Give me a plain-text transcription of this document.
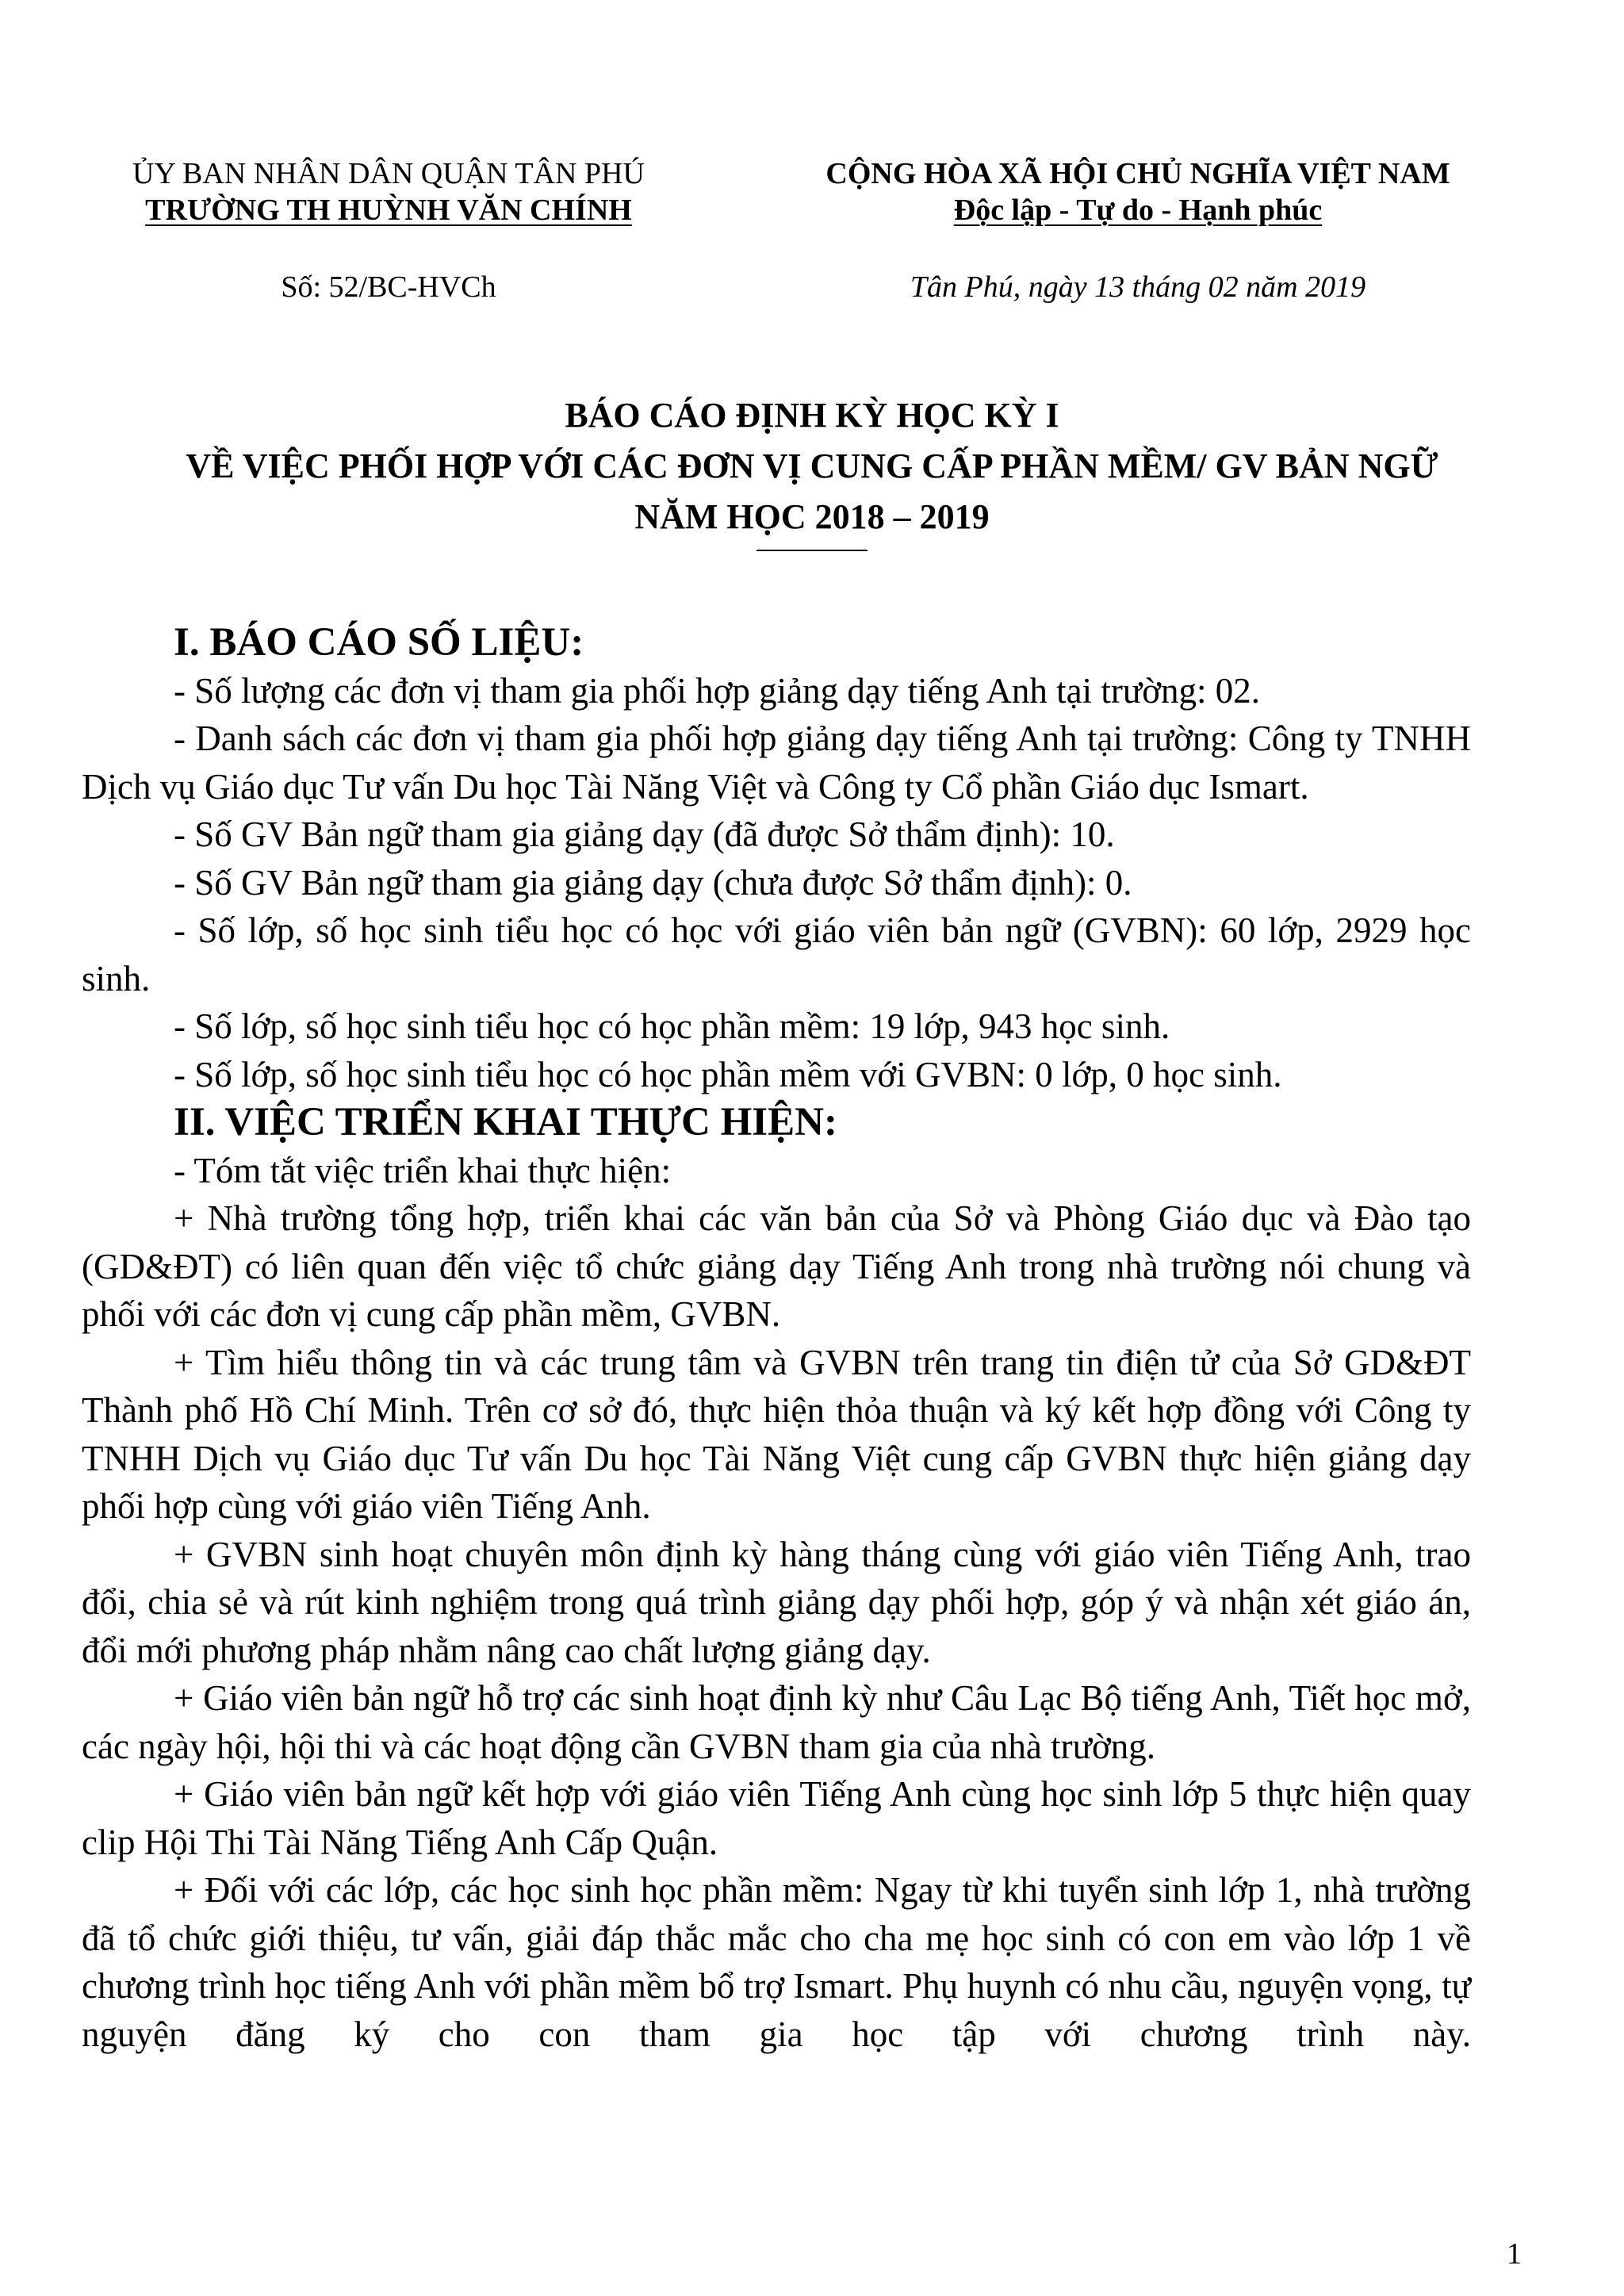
ỦY BAN NHÂN DÂN QUẬN TÂN PHÚ
TRƯỜNG TH HUỲNH VĂN CHÍNH
CỘNG HÒA XÃ HỘI CHỦ NGHĨA VIỆT NAM
Độc lập - Tự do - Hạnh phúc
Số: 52/BC-HVCh	Tân Phú, ngày 13 tháng 02 năm 2019
BÁO CÁO ĐỊNH KỲ HỌC KỲ I
VỀ VIỆC PHỐI HỢP VỚI CÁC ĐƠN VỊ CUNG CẤP PHẦN MỀM/ GV BẢN NGỮ
NĂM HỌC 2018 – 2019

I. BÁO CÁO SỐ LIỆU:

- Số lượng các đơn vị tham gia phối hợp giảng dạy tiếng Anh tại trường: 02.

- Danh sách các đơn vị tham gia phối hợp giảng dạy tiếng Anh tại trường: Công ty TNHH Dịch vụ Giáo dục Tư vấn Du học Tài Năng Việt và Công ty Cổ phần Giáo dục Ismart.

- Số GV Bản ngữ tham gia giảng dạy (đã được Sở thẩm định): 10.

- Số GV Bản ngữ tham gia giảng dạy (chưa được Sở thẩm định): 0.

- Số lớp, số học sinh tiểu học có học với giáo viên bản ngữ (GVBN): 60 lớp, 2929 học sinh.

- Số lớp, số học sinh tiểu học có học phần mềm: 19 lớp, 943 học sinh.

- Số lớp, số học sinh tiểu học có học phần mềm với GVBN: 0 lớp, 0 học sinh.

II. VIỆC TRIỂN KHAI THỰC HIỆN:

- Tóm tắt việc triển khai thực hiện:

+ Nhà trường tổng hợp, triển khai các văn bản của Sở và Phòng Giáo dục và Đào tạo (GD&ĐT) có liên quan đến việc tổ chức giảng dạy Tiếng Anh trong nhà trường nói chung và phối với các đơn vị cung cấp phần mềm, GVBN.

+ Tìm hiểu thông tin và các trung tâm và GVBN trên trang tin điện tử của Sở GD&ĐT Thành phố Hồ Chí Minh. Trên cơ sở đó, thực hiện thỏa thuận và ký kết hợp đồng với Công ty TNHH Dịch vụ Giáo dục Tư vấn Du học Tài Năng Việt cung cấp GVBN thực hiện giảng dạy phối hợp cùng với giáo viên Tiếng Anh.

+ GVBN sinh hoạt chuyên môn định kỳ hàng tháng cùng với giáo viên Tiếng Anh, trao đổi, chia sẻ và rút kinh nghiệm trong quá trình giảng dạy phối hợp, góp ý và nhận xét giáo án, đổi mới phương pháp nhằm nâng cao chất lượng giảng dạy.

+ Giáo viên bản ngữ hỗ trợ các sinh hoạt định kỳ như Câu Lạc Bộ tiếng Anh, Tiết học mở, các ngày hội, hội thi và các hoạt động cần GVBN tham gia của nhà trường.

+ Giáo viên bản ngữ kết hợp với giáo viên Tiếng Anh cùng học sinh lớp 5 thực hiện quay clip Hội Thi Tài Năng Tiếng Anh Cấp Quận.

+ Đối với các lớp, các học sinh học phần mềm: Ngay từ khi tuyển sinh lớp 1, nhà trường đã tổ chức giới thiệu, tư vấn, giải đáp thắc mắc cho cha mẹ học sinh có con em vào lớp 1 về chương trình học tiếng Anh với phần mềm bổ trợ Ismart. Phụ huynh có nhu cầu, nguyện vọng, tự nguyện đăng ký cho con tham gia học tập với chương trình này.

1
